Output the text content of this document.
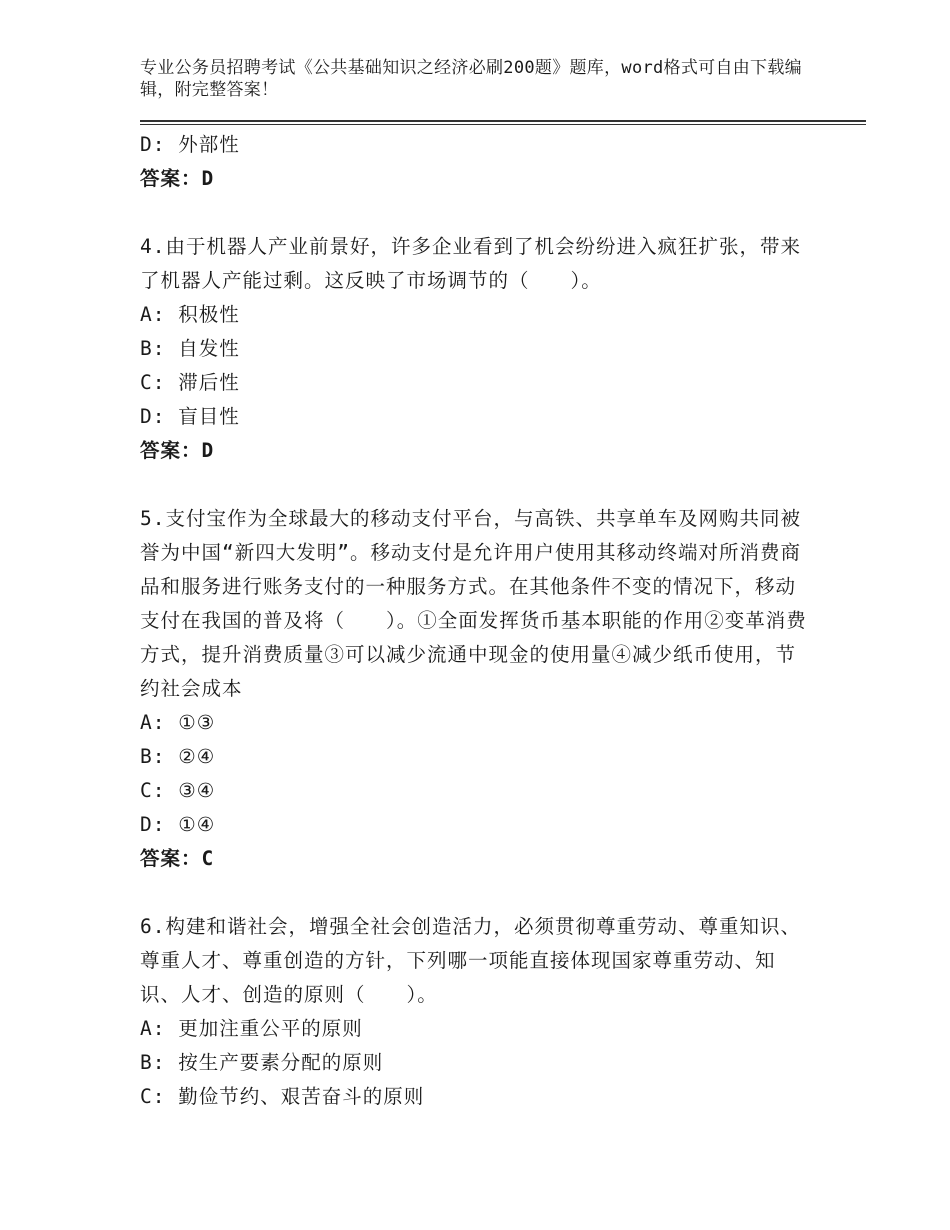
专业公务员招聘考试《公共基础知识之经济必刷200题》题库，word格式可自由下载编辑，附完整答案！
D: 外部性
答案：D
4.由于机器人产业前景好，许多企业看到了机会纷纷进入疯狂扩张，带来了机器人产能过剩。这反映了市场调节的（　　）。
A: 积极性
B: 自发性
C: 滞后性
D: 盲目性
答案：D
5.支付宝作为全球最大的移动支付平台，与高铁、共享单车及网购共同被誉为中国“新四大发明”。移动支付是允许用户使用其移动终端对所消费商品和服务进行账务支付的一种服务方式。在其他条件不变的情况下，移动支付在我国的普及将（　　）。①全面发挥货币基本职能的作用②变革消费方式，提升消费质量③可以减少流通中现金的使用量④减少纸币使用，节约社会成本
A: ①③
B: ②④
C: ③④
D: ①④
答案：C
6.构建和谐社会，增强全社会创造活力，必须贯彻尊重劳动、尊重知识、尊重人才、尊重创造的方针，下列哪一项能直接体现国家尊重劳动、知识、人才、创造的原则（　　）。
A: 更加注重公平的原则
B: 按生产要素分配的原则
C: 勤俭节约、艰苦奋斗的原则
